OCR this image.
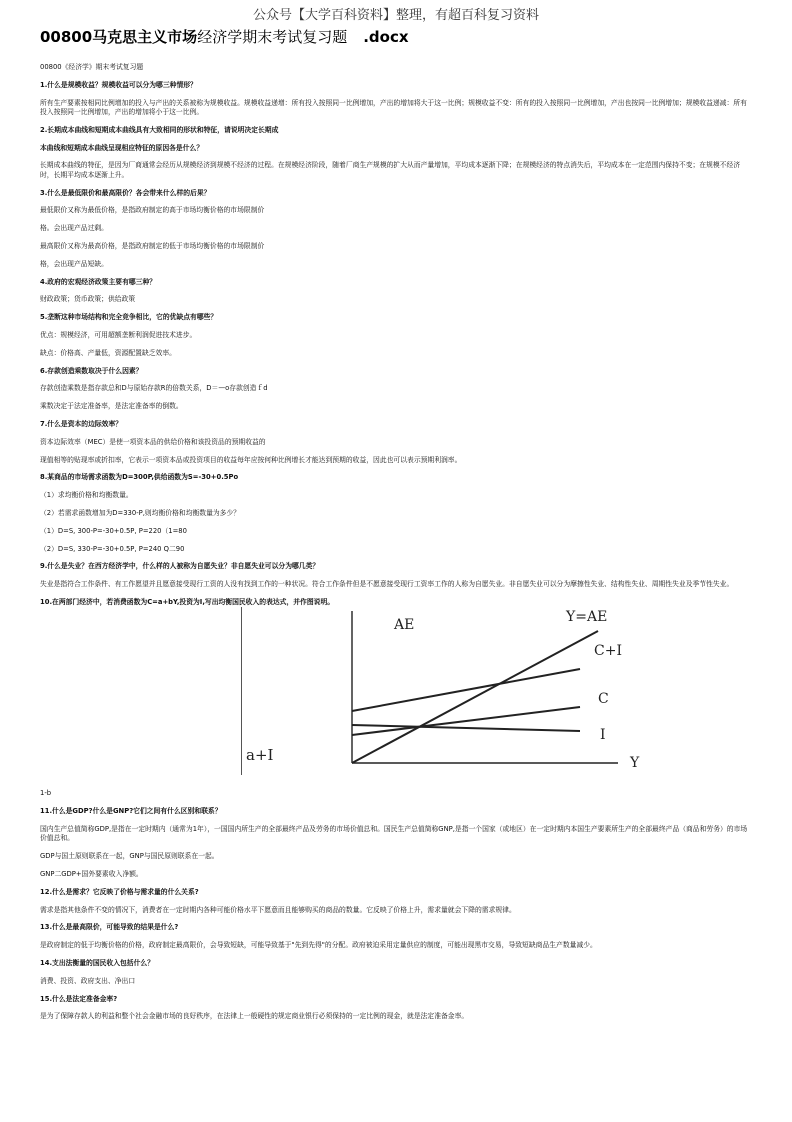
公众号【大学百科资料】整理，有超百科复习资料
00800马克思主义市场经济学期末考试复习题 .docx

00800《经济学》期末考试复习题

1.什么是规模收益？规模收益可以分为哪三种情形？

所有生产要素按相同比例增加的投入与产出的关系被称为规模收益。规模收益递增：所有投入按照同一比例增加，产出的增加将大于这一比例；规模收益不变：所有的投入按照同一比例增加，产出也按同一比例增加；规模收益递减：所有投入按照同一比例增加，产出的增加将小于这一比例。

2.长期成本曲线和短期成本曲线具有大致相同的形状和特征，请说明决定长期成

本曲线和短期成本曲线呈现相应特征的原因各是什么？

长期成本曲线的特征，是因为厂商通常会经历从规模经济到规模不经济的过程。在规模经济阶段，随着厂商生产规模的扩大从而产量增加，平均成本逐渐下降；在规模经济的特点消失后，平均成本在一定范围内保持不变；在规模不经济时，长期平均成本逐渐上升。

3.什么是最低限价和最高限价？各会带来什么样的后果？

最低限价又称为最低价格，是指政府制定的高于市场均衡价格的市场限制价

格。会出现产品过剩。

最高限价又称为最高价格，是指政府制定的低于市场均衡价格的市场限制价

格，会出现产品短缺。

4.政府的宏观经济政策主要有哪三种？

财政政策；货币政策；供给政策

5.垄断这种市场结构和完全竞争相比，它的优缺点有哪些？

优点：规模经济，可用超额垄断利润促进技术进步。

缺点：价格高、产量低，资源配置缺乏效率。

6.存款创造乘数取决于什么因素？

存款创造乘数是指存款总和D与原始存款R的倍数关系，D＝—o存款创造ｆd

乘数决定于法定准备率，是法定准备率的倒数。

7.什么是资本的边际效率？

资本边际效率（MEC）是使一项资本品的供给价格和该投资品的预期收益的

现值相等的贴现率或折扣率，它表示一项资本品或投资项目的收益每年应按何种比例增长才能达到预期的收益，因此也可以表示预期利润率。

8.某商品的市场需求函数为D=300P,供给函数为S=-30+0.5Po

（1）求均衡价格和均衡数量。

（2）若需求函数增加为D=330-P,则均衡价格和均衡数量为多少？

（1）D=S, 300-P=-30+0.5P, P=220（1=80

（2）D=S, 330-P=-30+0.5P, P=240 Q二90

9.什么是失业？在西方经济学中，什么样的人被称为自愿失业？非自愿失业可以分为哪几类？

失业是指符合工作条件、有工作愿望并且愿意接受现行工资的人没有找到工作的一种状况。符合工作条件但是不愿意接受现行工资率工作的人称为自愿失业。非自愿失业可以分为摩擦性失业、结构性失业、周期性失业及季节性失业。

10.在两部门经济中，若消费函数为C=a+bY,投资为I,写出均衡国民收入的表达式，并作图说明。

a+I
AE	Y=AE
C+I
C
I
Y

1-b

11.什么是GDP?什么是GNP?它们之间有什么区别和联系？

国内生产总值简称GDP,是指在一定时期内（通常为1年），一国国内所生产的全部最终产品及劳务的市场价值总和。国民生产总值简称GNP,是指一个国家（或地区）在一定时期内本国生产要素所生产的全部最终产品（商品和劳务）的市场价值总和。

GDP与国土原则联系在一起，GNP与国民原则联系在一起。

GNP二GDP+国外要素收入净额。

12.什么是需求？它反映了价格与需求量的什么关系?

需求是指其他条件不变的情况下，消费者在一定时期内各种可能价格水平下愿意而且能够购买的商品的数量。它反映了价格上升，需求量就会下降的需求规律。

13.什么是最高限价，可能导致的结果是什么?

是政府制定的低于均衡价格的价格，政府制定最高限价，会导致短缺，可能导致基于"先到先得"的分配。政府被迫采用定量供应的制度，可能出现黑市交易，导致短缺商品生产数量减少。

14.支出法衡量的国民收入包括什么？

消费、投资、政府支出、净出口

15.什么是法定准备金率?

是为了保障存款人的利益和整个社会金融市场的良好秩序，在法律上一般硬性的规定商业银行必须保持的一定比例的现金，就是法定准备金率。
